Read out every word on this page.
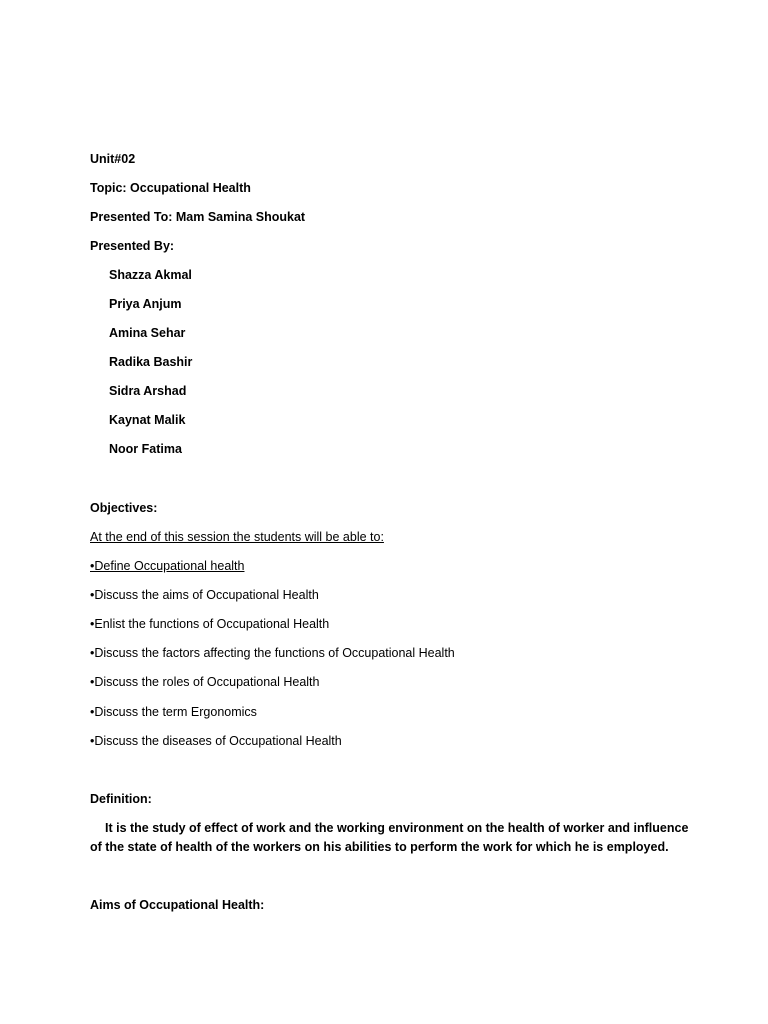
Unit#02
Topic: Occupational Health
Presented To: Mam Samina Shoukat
Presented By:
Shazza Akmal
Priya Anjum
Amina Sehar
Radika Bashir
Sidra Arshad
Kaynat Malik
Noor Fatima
Objectives:
At the end of this session the students will be able to:
•Define Occupational health
•Discuss the aims of Occupational Health
•Enlist the functions of Occupational Health
•Discuss the factors affecting the functions of Occupational Health
•Discuss the roles of Occupational Health
•Discuss the term Ergonomics
•Discuss the diseases of Occupational Health
Definition:
It is the study of effect of work and the working environment on the health of worker and influence
of the state of health of the workers on his abilities to perform the work for which he is employed.
Aims of Occupational Health:
